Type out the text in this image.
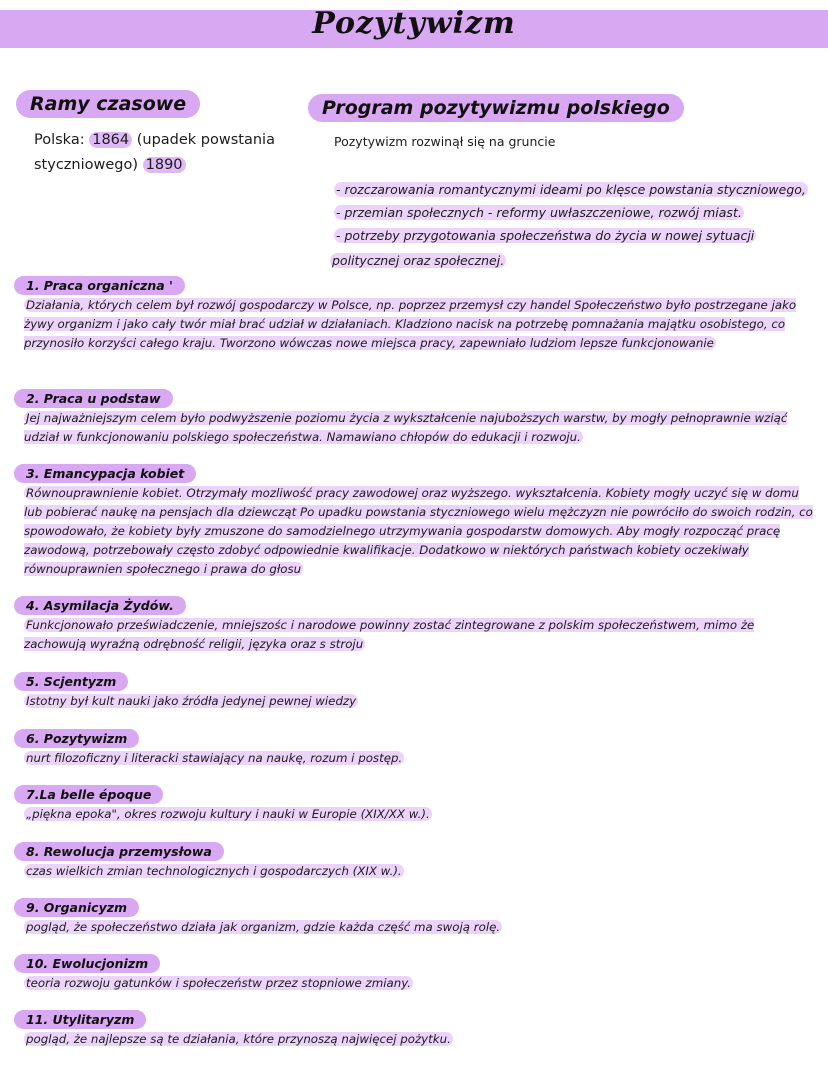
Pozytywizm
Ramy czasowe
Polska: 1864 (upadek powstania styczniowego) 1890
Program pozytywizmu polskiego
Pozytywizm rozwinął się na gruncie
- rozczarowania romantycznymi ideami po klęsce powstania styczniowego,
- przemian społecznych - reformy uwłaszczeniowe, rozwój miast.
- potrzeby przygotowania społeczeństwa do życia w nowej sytuacji
politycznej oraz społecznej.
1. Praca organiczna '
Działania, których celem był rozwój gospodarczy w Polsce, np. poprzez przemysł czy handel Społeczeństwo było postrzegane jako żywy organizm i jako cały twór miał brać udział w działaniach. Kladziono nacisk na potrzebę pomnażania majątku osobistego, co przynosiło korzyści całego kraju. Tworzono wówczas nowe miejsca pracy, zapewniało ludziom lepsze funkcjonowanie
2. Praca u podstaw
Jej najważniejszym celem było podwyższenie poziomu życia z wykształcenie najuboższych warstw, by mogły pełnoprawnie wziąć udział w funkcjonowaniu polskiego społeczeństwa. Namawiano chłopów do edukacji i rozwoju.
3. Emancypacja kobiet
Równouprawnienie kobiet. Otrzymały mozliwość pracy zawodowej oraz wyższego. wykształcenia. Kobiety mogły uczyć się w domu lub pobierać naukę na pensjach dla dziewcząt Po upadku powstania styczniowego wielu mężczyzn nie powróciło do swoich rodzin, co spowodowało, że kobiety były zmuszone do samodzielnego utrzymywania gospodarstw domowych. Aby mogły rozpocząć pracę zawodową, potrzebowały często zdobyć odpowiednie kwalifikacje. Dodatkowo w niektórych państwach kobiety oczekiwały równouprawnien społecznego i prawa do głosu
4. Asymilacja Żydów.
Funkcjonowało przeświadczenie, mniejszośc i narodowe powinny zostać zintegrowane z polskim społeczeństwem, mimo że zachowują wyraźną odrębność religii, języka oraz s stroju
5. Scjentyzm
Istotny był kult nauki jako źródła jedynej pewnej wiedzy
6. Pozytywizm
nurt filozoficzny i literacki stawiający na naukę, rozum i postęp.
7.La belle époque
„piękna epoka", okres rozwoju kultury i nauki w Europie (XIX/XX w.).
8. Rewolucja przemysłowa
czas wielkich zmian technologicznych i gospodarczych (XIX w.).
9. Organicyzm
pogląd, że społeczeństwo działa jak organizm, gdzie każda część ma swoją rolę.
10. Ewolucjonizm
teoria rozwoju gatunków i społeczeństw przez stopniowe zmiany.
11. Utylitaryzm
pogląd, że najlepsze są te działania, które przynoszą najwięcej pożytku.
